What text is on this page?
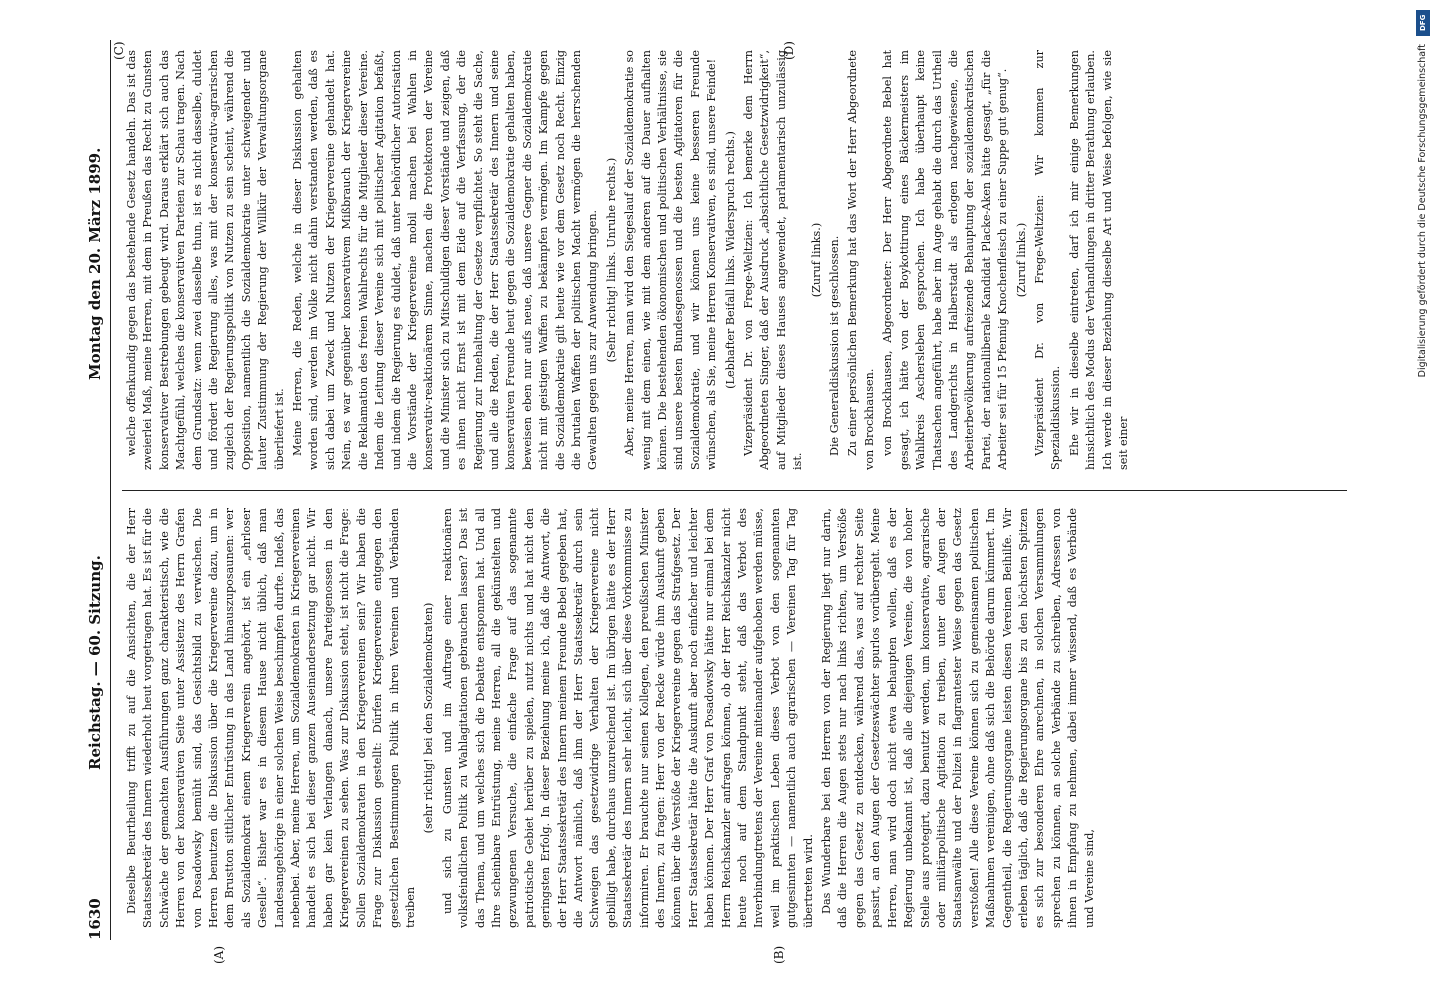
1630
Reichstag. — 60. Sitzung.
Montag den 20. März 1899.
(A)	(B)
(C)	(D)

Dieselbe Beurtheilung trifft zu auf die Ansichten, die der Herr Staatssekretär des Innern wiederholt heut vorgetragen hat. Es ist für die Schwäche der gemachten Ausführungen ganz charakteristisch, wie die Herren von der konservativen Seite unter Assistenz des Herrn Grafen von Posadowsky bemüht sind, das Gesichtsbild zu verwischen. Die Herren benutzen die Diskussion über die Kriegervereine dazu, um in dem Brustton sittlicher Entrüstung in das Land hinauszuposaunen: wer als Sozialdemokrat einem Kriegerverein angehört, ist ein „ehrloser Geselle“. Bisher war es in diesem Hause nicht üblich, daß man Landesangehörige in einer solchen Weise beschimpfen durfte. Indeß, das nebenbei. Aber, meine Herren, um Sozialdemokraten in Kriegervereinen handelt es sich bei dieser ganzen Auseinandersetzung gar nicht. Wir haben gar kein Verlangen danach, unsere Parteigenossen in den Kriegervereinen zu sehen. Was zur Diskussion steht, ist nicht die Frage: Sollen Sozialdemokraten in den Kriegervereinen sein? Wir haben die Frage zur Diskussion gestellt: Dürfen Kriegervereine entgegen den gesetzlichen Bestimmungen Politik in ihren Vereinen und Verbänden treiben

(sehr richtig! bei den Sozialdemokraten) und sich zu Gunsten und im Auftrage einer reaktionären volksfeindlichen Politik zu Wahlagitationen gebrauchen lassen? Das ist das Thema, und um welches sich die Debatte entsponnen hat. Und all Ihre scheinbare Entrüstung, meine Herren, all die gekünstelten und gezwungenen Versuche, die einfache Frage auf das sogenannte patriotische Gebiet herüber zu spielen, nutzt nichts und hat nicht den geringsten Erfolg. In dieser Beziehung meine ich, daß die Antwort, die der Herr Staatssekretär des Innern meinem Freunde Bebel gegeben hat, die Antwort nämlich, daß ihm der Herr Staatssekretär durch sein Schweigen das gesetzwidrige Verhalten der Kriegervereine nicht gebilligt habe, durchaus unzureichend ist. Im übrigen hätte es der Herr Staatssekretär des Innern sehr leicht, sich über diese Vorkommnisse zu informiren. Er brauchte nur seinen Kollegen, den preußischen Minister des Innern, zu fragen: Herr von der Recke würde ihm Auskunft geben können über die Verstöße der Kriegervereine gegen das Strafgesetz. Der Herr Staatssekretär hätte die Auskunft aber noch einfacher und leichter haben können. Der Herr Graf von Posadowsky hätte nur einmal bei dem Herrn Reichskanzler anfragen können, ob der Herr Reichskanzler nicht heute noch auf dem Standpunkt steht, daß das Verbot des Inverbindungtretens der Vereine miteinander aufgehoben werden müsse, weil im praktischen Leben dieses Verbot von den sogenannten gutgesinnten — namentlich auch agrarischen — Vereinen Tag für Tag übertreten wird. Das Wunderbare bei den Herren von der Regierung liegt nur darin, daß die Herren die Augen stets nur nach links richten, um Verstöße gegen das Gesetz zu entdecken, während das, was auf rechter Seite passirt, an den Augen der Gesetzeswächter spurlos vorübergeht. Meine Herren, man wird doch nicht etwa behaupten wollen, daß es der Regierung unbekannt ist, daß alle diejenigen Vereine, die von hoher Stelle aus protegirt, dazu benutzt werden, um konservative, agrarische oder militärpolitische Agitation zu treiben, unter den Augen der Staatsanwälte und der Polizei in flagrantester Weise gegen das Gesetz verstoßen! Alle diese Vereine können sich zu gemeinsamen politischen Maßnahmen vereinigen, ohne daß sich die Behörde darum kümmert. Im Gegentheil, die Regierungsorgane leisten diesen Vereinen Beihilfe. Wir erleben täglich, daß die Regierungsorgane bis zu den höchsten Spitzen es sich zur besonderen Ehre anrechnen, in solchen Versammlungen sprechen zu können, an solche Verbände zu schreiben, Adressen von ihnen in Empfang zu nehmen, dabei immer wissend, daß es Verbände und Vereine sind,

welche offenkundig gegen das bestehende Gesetz handeln. Das ist das zweierlei Maß, meine Herren, mit dem in Preußen das Recht zu Gunsten konservativer Bestrebungen gebeugt wird. Daraus erklärt sich auch das Machtgefühl, welches die konservativen Parteien zur Schau tragen. Nach dem Grundsatz: wenn zwei dasselbe thun, ist es nicht dasselbe, duldet und fördert die Regierung alles, was mit der konservativ-agrarischen zugleich der Regierungspolitik von Nutzen zu sein scheint, während die Opposition, namentlich die Sozialdemokratie unter schweigender und lauter Zustimmung der Regierung der Willkür der Verwaltungsorgane überliefert ist. Meine Herren, die Reden, welche in dieser Diskussion gehalten worden sind, werden im Volke nicht dahin verstanden werden, daß es sich dabei um Zweck und Nutzen der Kriegervereine gehandelt hat. Nein, es war gegenüber konservativem Mißbrauch der Kriegervereine die Reklamation des freien Wahlrechts für die Mitglieder dieser Vereine. Indem die Leitung dieser Vereine sich mit politischer Agitation befaßt, und indem die Regierung es duldet, daß unter behördlicher Autorisation die Vorstände der Kriegervereine mobil machen bei Wahlen in konservativ-reaktionärem Sinne, machen die Protektoren der Vereine und die Minister sich zu Mitschuldigen dieser Vorstände und zeigen, daß es ihnen nicht Ernst ist mit dem Eide auf die Verfassung, der die Regierung zur Innehaltung der Gesetze verpflichtet. So steht die Sache, und alle die Reden, die der Herr Staatssekretär des Innern und seine konservativen Freunde heut gegen die Sozialdemokratie gehalten haben, beweisen eben nur aufs neue, daß unsere Gegner die Sozialdemokratie nicht mit geistigen Waffen zu bekämpfen vermögen. Im Kampfe gegen die Sozialdemokratie gilt heute wie vor dem Gesetz noch Recht. Einzig die brutalen Waffen der politischen Macht vermögen die herrschenden Gewalten gegen uns zur Anwendung bringen. (Sehr richtig! links. Unruhe rechts.) Aber, meine Herren, man wird den Siegeslauf der Sozialdemokratie so wenig mit dem einen, wie mit dem anderen auf die Dauer aufhalten können. Die bestehenden ökonomischen und politischen Verhältnisse, sie sind unsere besten Bundesgenossen und die besten Agitatoren für die Sozialdemokratie, und wir können uns keine besseren Freunde wünschen, als Sie, meine Herren Konservativen, es sind, unsere Feinde! (Lebhafter Beifall links. Widerspruch rechts.) Vizepräsident Dr. von Frege-Weltzien: Ich bemerke dem Herrn Abgeordneten Singer, daß der Ausdruck „absichtliche Gesetzwidrigkeit“, auf Mitglieder dieses Hauses angewendet, parlamentarisch unzulässig ist.

(Zuruf links.) Die Generaldiskussion ist geschlossen. Zu einer persönlichen Bemerkung hat das Wort der Herr Abgeordnete von Brockhausen. von Brockhausen, Abgeordneter: Der Herr Abgeordnete Bebel hat gesagt, ich hätte von der Boykottirung eines Bäckermeisters im Wahlkreis Aschersleben gesprochen. Ich habe überhaupt keine Thatsachen angeführt, habe aber im Auge gehabt die durch das Urtheil des Landgerichts in Halberstadt als erlogen nachgewiesene, die Arbeiterbevölkerung aufreizende Behauptung der sozialdemokratischen Partei, der nationalliberale Kandidat Placke-Aken hätte gesagt, „für die Arbeiter sei für 15 Pfennig Knochenfleisch zu einer Suppe gut genug“. (Zuruf links.) Vizepräsident Dr. von Frege-Weltzien: Wir kommen zur Spezialdiskussion. Ehe wir in dieselbe eintreten, darf ich mir einige Bemerkungen hinsichtlich des Modus der Verhandlungen in dritter Berathung erlauben. Ich werde in dieser Beziehung dieselbe Art und Weise befolgen, wie sie seit einer

Digitalisierung gefördert durch die Deutsche Forschungsgemeinschaft
DFG
